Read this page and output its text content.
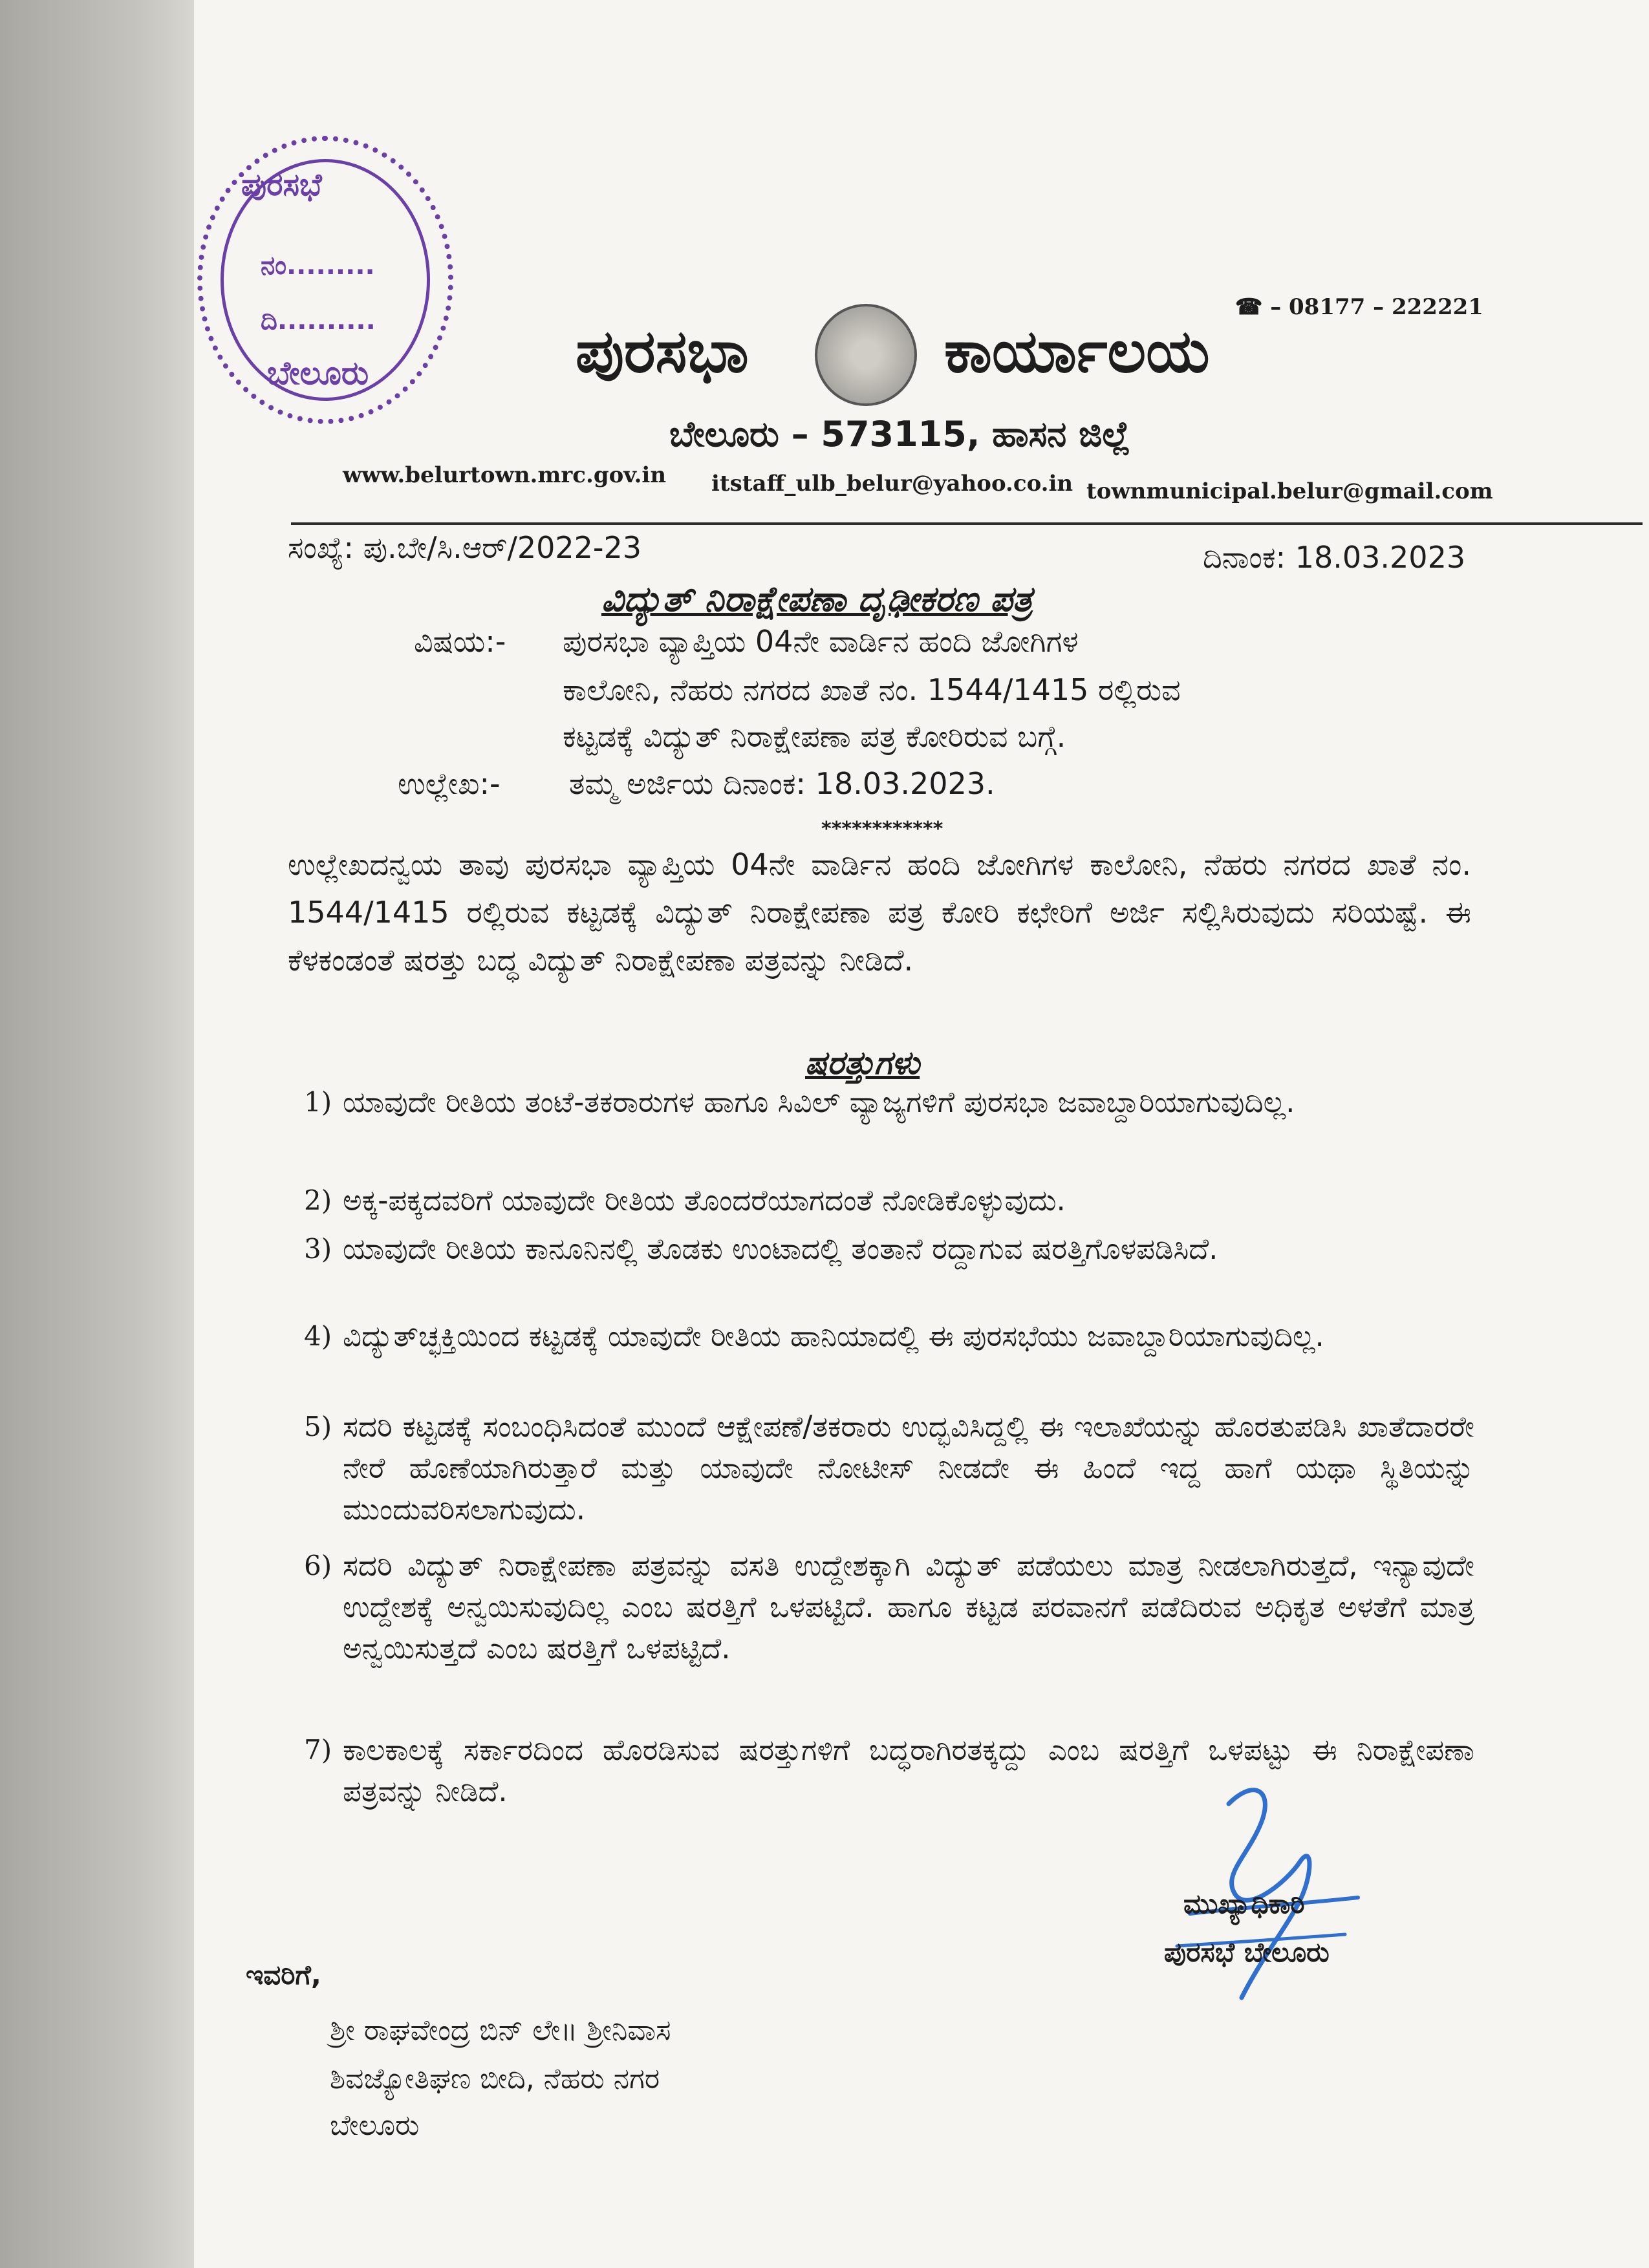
ಪುರಸಭೆ
ನಂ.........
ದಿ..........
ಬೇಲೂರು
☎ – 08177 – 222221
ಪುರಸಭಾ	ಕಾರ್ಯಾಲಯ
ಬೇಲೂರು – 573115, ಹಾಸನ ಜಿಲ್ಲೆ
www.belurtown.mrc.gov.in itstaff_ulb_belur@yahoo.co.in townmunicipal.belur@gmail.com
ಸಂಖ್ಯೆ: ಪು.ಬೇ/ಸಿ.ಆರ್/2022-23	ದಿನಾಂಕ: 18.03.2023
ವಿದ್ಯುತ್ ನಿರಾಕ್ಷೇಪಣಾ ದೃಢೀಕರಣ ಪತ್ರ
ವಿಷಯ:- ಪುರಸಭಾ ವ್ಯಾಪ್ತಿಯ 04ನೇ ವಾರ್ಡಿನ ಹಂದಿ ಜೋಗಿಗಳ
ಕಾಲೋನಿ, ನೆಹರು ನಗರದ ಖಾತೆ ನಂ. 1544/1415 ರಲ್ಲಿರುವ
ಕಟ್ಟಡಕ್ಕೆ ವಿದ್ಯುತ್ ನಿರಾಕ್ಷೇಪಣಾ ಪತ್ರ ಕೋರಿರುವ ಬಗ್ಗೆ.
ಉಲ್ಲೇಖ:- ತಮ್ಮ ಅರ್ಜಿಯ ದಿನಾಂಕ: 18.03.2023.
************
ಉಲ್ಲೇಖದನ್ವಯ ತಾವು ಪುರಸಭಾ ವ್ಯಾಪ್ತಿಯ 04ನೇ ವಾರ್ಡಿನ ಹಂದಿ ಜೋಗಿಗಳ ಕಾಲೋನಿ, ನೆಹರು ನಗರದ ಖಾತೆ ನಂ. 1544/1415 ರಲ್ಲಿರುವ ಕಟ್ಟಡಕ್ಕೆ ವಿದ್ಯುತ್ ನಿರಾಕ್ಷೇಪಣಾ ಪತ್ರ ಕೋರಿ ಕಛೇರಿಗೆ ಅರ್ಜಿ ಸಲ್ಲಿಸಿರುವುದು ಸರಿಯಷ್ಟೆ. ಈ ಕೆಳಕಂಡಂತೆ ಷರತ್ತು ಬದ್ಧ ವಿದ್ಯುತ್ ನಿರಾಕ್ಷೇಪಣಾ ಪತ್ರವನ್ನು ನೀಡಿದೆ.
ಷರತ್ತುಗಳು
1) ಯಾವುದೇ ರೀತಿಯ ತಂಟೆ-ತಕರಾರುಗಳ ಹಾಗೂ ಸಿವಿಲ್ ವ್ಯಾಜ್ಯಗಳಿಗೆ ಪುರಸಭಾ ಜವಾಬ್ದಾರಿಯಾಗುವುದಿಲ್ಲ.
2) ಅಕ್ಕ-ಪಕ್ಕದವರಿಗೆ ಯಾವುದೇ ರೀತಿಯ ತೊಂದರೆಯಾಗದಂತೆ ನೋಡಿಕೊಳ್ಳುವುದು.
3) ಯಾವುದೇ ರೀತಿಯ ಕಾನೂನಿನಲ್ಲಿ ತೊಡಕು ಉಂಟಾದಲ್ಲಿ ತಂತಾನೆ ರದ್ದಾಗುವ ಷರತ್ತಿಗೊಳಪಡಿಸಿದೆ.
4) ವಿದ್ಯುತ್‌ಚ್ಛಕ್ತಿಯಿಂದ ಕಟ್ಟಡಕ್ಕೆ ಯಾವುದೇ ರೀತಿಯ ಹಾನಿಯಾದಲ್ಲಿ ಈ ಪುರಸಭೆಯು ಜವಾಬ್ದಾರಿಯಾಗುವುದಿಲ್ಲ.
5) ಸದರಿ ಕಟ್ಟಡಕ್ಕೆ ಸಂಬಂಧಿಸಿದಂತೆ ಮುಂದೆ ಆಕ್ಷೇಪಣೆ/ತಕರಾರು ಉದ್ಭವಿಸಿದ್ದಲ್ಲಿ ಈ ಇಲಾಖೆಯನ್ನು ಹೊರತುಪಡಿಸಿ ಖಾತೆದಾರರೇ ನೇರೆ ಹೊಣೆಯಾಗಿರುತ್ತಾರೆ ಮತ್ತು ಯಾವುದೇ ನೋಟೀಸ್ ನೀಡದೇ ಈ ಹಿಂದೆ ಇದ್ದ ಹಾಗೆ ಯಥಾ ಸ್ಥಿತಿಯನ್ನು ಮುಂದುವರಿಸಲಾಗುವುದು.
6) ಸದರಿ ವಿದ್ಯುತ್ ನಿರಾಕ್ಷೇಪಣಾ ಪತ್ರವನ್ನು ವಸತಿ ಉದ್ದೇಶಕ್ಕಾಗಿ ವಿದ್ಯುತ್ ಪಡೆಯಲು ಮಾತ್ರ ನೀಡಲಾಗಿರುತ್ತದೆ, ಇನ್ಯಾವುದೇ ಉದ್ದೇಶಕ್ಕೆ ಅನ್ವಯಿಸುವುದಿಲ್ಲ ಎಂಬ ಷರತ್ತಿಗೆ ಒಳಪಟ್ಟಿದೆ. ಹಾಗೂ ಕಟ್ಟಡ ಪರವಾನಗೆ ಪಡೆದಿರುವ ಅಧಿಕೃತ ಅಳತೆಗೆ ಮಾತ್ರ ಅನ್ವಯಿಸುತ್ತದೆ ಎಂಬ ಷರತ್ತಿಗೆ ಒಳಪಟ್ಟಿದೆ.
7) ಕಾಲಕಾಲಕ್ಕೆ ಸರ್ಕಾರದಿಂದ ಹೊರಡಿಸುವ ಷರತ್ತುಗಳಿಗೆ ಬದ್ಧರಾಗಿರತಕ್ಕದ್ದು ಎಂಬ ಷರತ್ತಿಗೆ ಒಳಪಟ್ಟು ಈ ನಿರಾಕ್ಷೇಪಣಾ ಪತ್ರವನ್ನು ನೀಡಿದೆ.
ಮುಖ್ಯಾಧಿಕಾರಿ
ಪುರಸಭೆ ಬೇಲೂರು
ಇವರಿಗೆ,
ಶ್ರೀ ರಾಘವೇಂದ್ರ ಬಿನ್ ಲೇ॥ ಶ್ರೀನಿವಾಸ
ಶಿವಜ್ಯೋತಿಘಣ ಬೀದಿ, ನೆಹರು ನಗರ
ಬೇಲೂರು
